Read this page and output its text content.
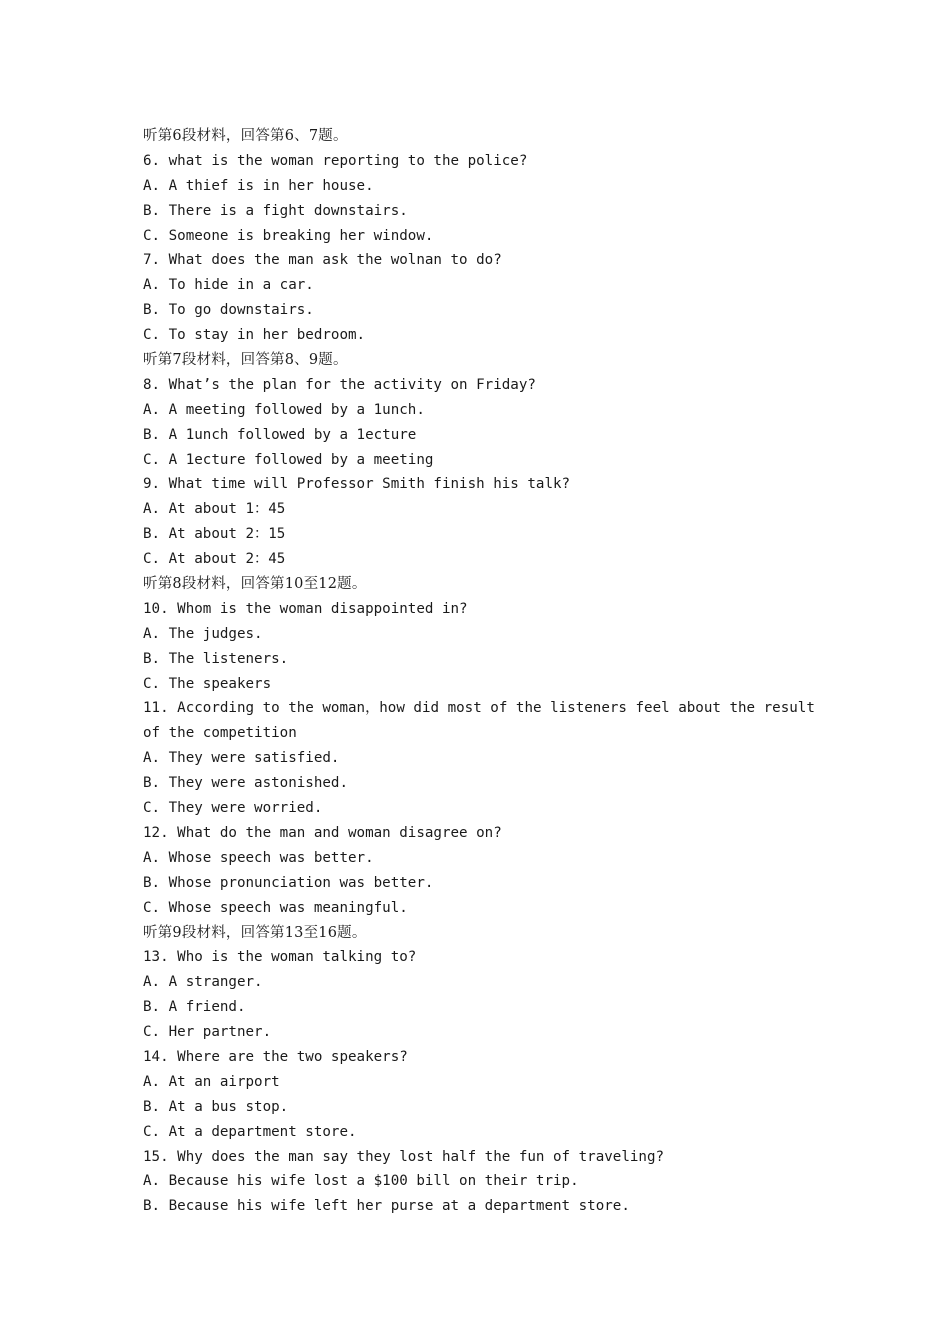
听第6段材料，回答第6、7题。
6. what is the woman reporting to the police?
A. A thief is in her house.
B. There is a fight downstairs.
C. Someone is breaking her window.
7. What does the man ask the wolnan to do?
A. To hide in a car.
B. To go downstairs.
C. To stay in her bedroom.
听第7段材料，回答第8、9题。
8. What’s the plan for the activity on Friday?
A. A meeting followed by a 1unch.
B. A 1unch followed by a 1ecture
C. A 1ecture followed by a meeting
9. What time will Professor Smith finish his talk?
A. At about 1：45
B. At about 2：15
C. At about 2：45
听第8段材料，回答第10至12题。
10. Whom is the woman disappointed in?
A. The judges.
B. The listeners.
C. The speakers
11. According to the woman，how did most of the listeners feel about the result
of the competition
A. They were satisfied.
B. They were astonished.
C. They were worried.
12. What do the man and woman disagree on?
A. Whose speech was better.
B. Whose pronunciation was better.
C. Whose speech was meaningful.
听第9段材料，回答第13至16题。
13. Who is the woman talking to?
A. A stranger.
B. A friend.
C. Her partner.
14. Where are the two speakers?
A. At an airport
B. At a bus stop.
C. At a department store.
15. Why does the man say they lost half the fun of traveling?
A. Because his wife lost a $100 bill on their trip.
B. Because his wife left her purse at a department store.
